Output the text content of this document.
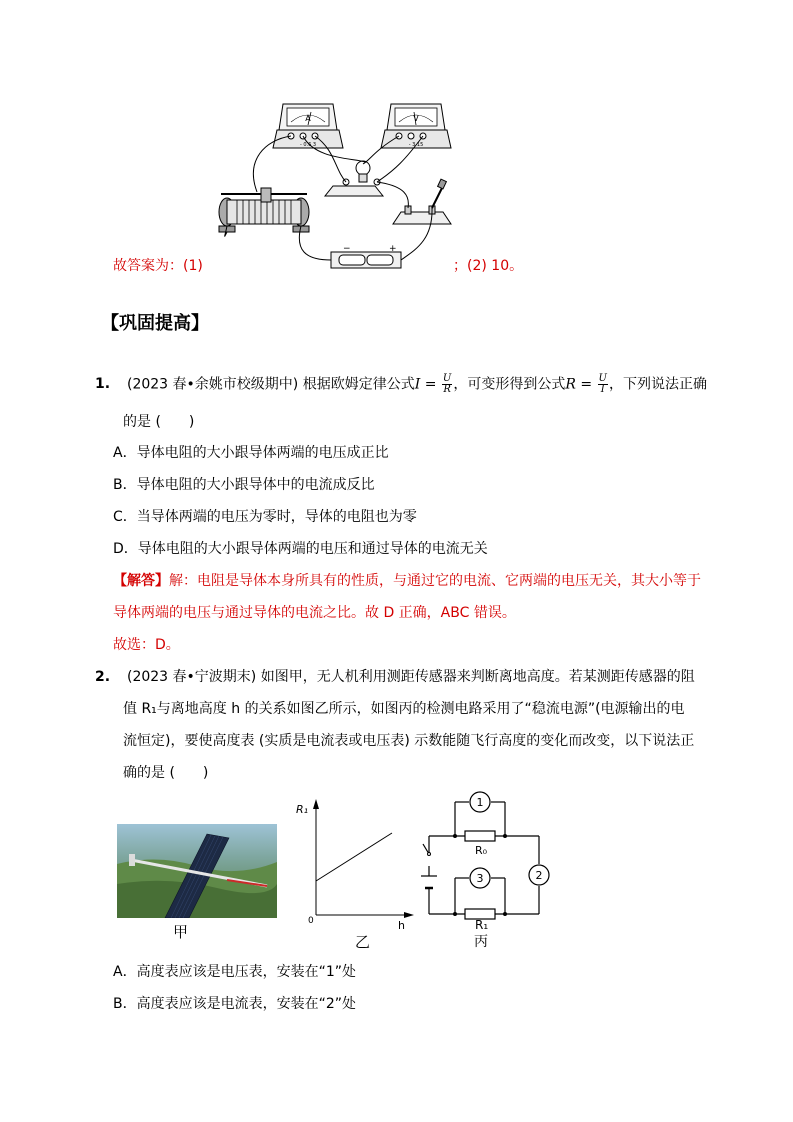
A
- 0.6 3
V
- 3 15
−	+
故答案为：(1)	；(2) 10。
【巩固提高】
1. (2023 春•余姚市校级期中) 根据欧姆定律公式$I = \frac{U}{R}$ ，可变形得到公式$R = \frac{U}{I}$ ，下列说法正确
的是 (　　)
A．导体电阻的大小跟导体两端的电压成正比
B．导体电阻的大小跟导体中的电流成反比
C．当导体两端的电压为零时，导体的电阻也为零
D．导体电阻的大小跟导体两端的电压和通过导体的电流无关
【解答】解：电阻是导体本身所具有的性质，与通过它的电流、它两端的电压无关，其大小等于
导体两端的电压与通过导体的电流之比。故 D 正确，ABC 错误。
故选：D。
2. (2023 春•宁波期末) 如图甲，无人机利用测距传感器来判断离地高度。若某测距传感器的阻
值 R₁与离地高度 h 的关系如图乙所示，如图丙的检测电路采用了“稳流电源”(电源输出的电
流恒定)，要使高度表 (实质是电流表或电压表) 示数能随飞行高度的变化而改变，以下说法正
确的是 (　　)
甲
R₁
h
0
乙
1
2
3
R₀
R₁
丙
A．高度表应该是电压表，安装在“1”处
B．高度表应该是电流表，安装在“2”处
